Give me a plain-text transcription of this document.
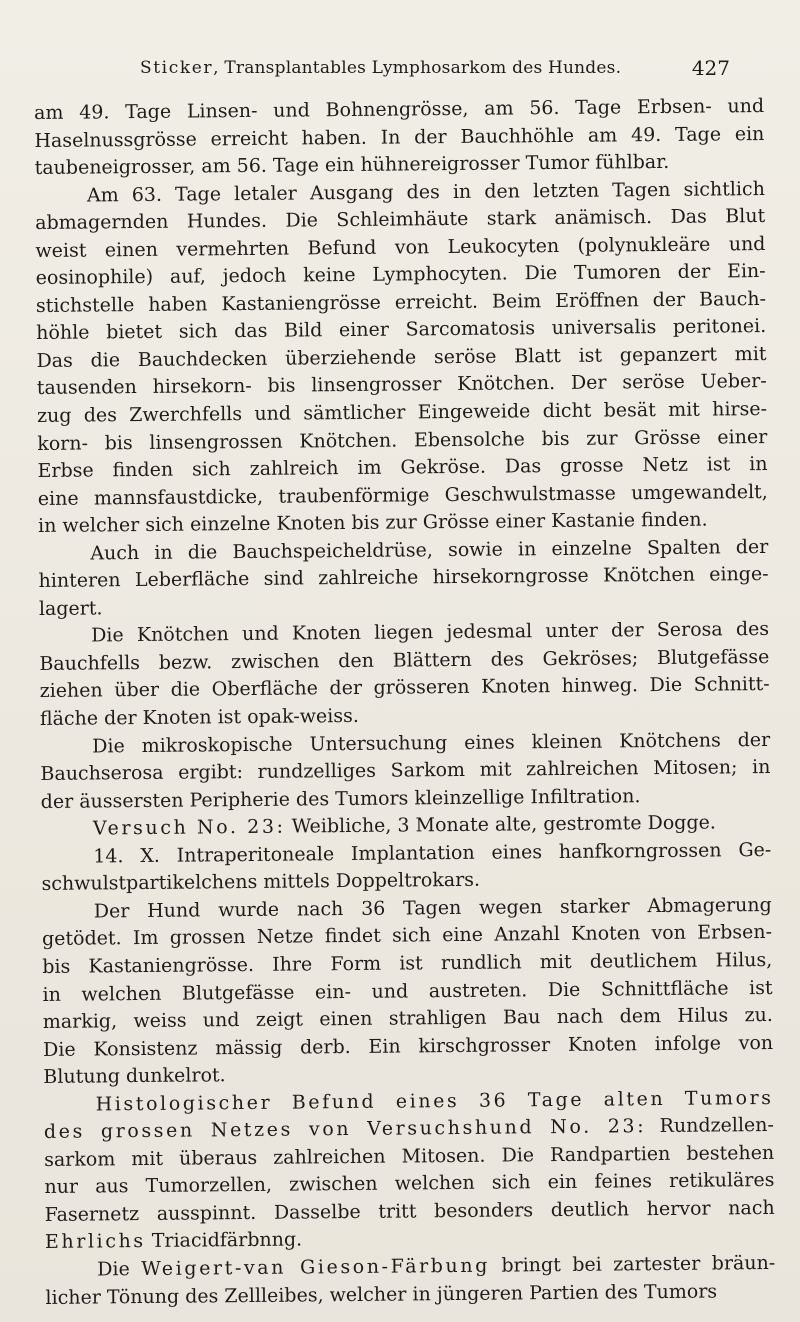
Sticker, Transplantables Lymphosarkom des Hundes.	427
am 49. Tage Linsen- und Bohnengrösse, am 56. Tage Erbsen- und
Haselnussgrösse erreicht haben. In der Bauchhöhle am 49. Tage ein
taubeneigrosser, am 56. Tage ein hühnereigrosser Tumor fühlbar.
Am 63. Tage letaler Ausgang des in den letzten Tagen sichtlich
abmagernden Hundes. Die Schleimhäute stark anämisch. Das Blut
weist einen vermehrten Befund von Leukocyten (polynukleäre und
eosinophile) auf, jedoch keine Lymphocyten. Die Tumoren der Ein-
stichstelle haben Kastaniengrösse erreicht. Beim Eröffnen der Bauch-
höhle bietet sich das Bild einer Sarcomatosis universalis peritonei.
Das die Bauchdecken überziehende seröse Blatt ist gepanzert mit
tausenden hirsekorn- bis linsengrosser Knötchen. Der seröse Ueber-
zug des Zwerchfells und sämtlicher Eingeweide dicht besät mit hirse-
korn- bis linsengrossen Knötchen. Ebensolche bis zur Grösse einer
Erbse finden sich zahlreich im Gekröse. Das grosse Netz ist in
eine mannsfaustdicke, traubenförmige Geschwulstmasse umgewandelt,
in welcher sich einzelne Knoten bis zur Grösse einer Kastanie finden.
Auch in die Bauchspeicheldrüse, sowie in einzelne Spalten der
hinteren Leberfläche sind zahlreiche hirsekorngrosse Knötchen einge-
lagert.
Die Knötchen und Knoten liegen jedesmal unter der Serosa des
Bauchfells bezw. zwischen den Blättern des Gekröses; Blutgefässe
ziehen über die Oberfläche der grösseren Knoten hinweg. Die Schnitt-
fläche der Knoten ist opak-weiss.
Die mikroskopische Untersuchung eines kleinen Knötchens der
Bauchserosa ergibt: rundzelliges Sarkom mit zahlreichen Mitosen; in
der äussersten Peripherie des Tumors kleinzellige Infiltration.
Versuch No. 23: Weibliche, 3 Monate alte, gestromte Dogge.
14. X. Intraperitoneale Implantation eines hanfkorngrossen Ge-
schwulstpartikelchens mittels Doppeltrokars.
Der Hund wurde nach 36 Tagen wegen starker Abmagerung
getödet. Im grossen Netze findet sich eine Anzahl Knoten von Erbsen-
bis Kastaniengrösse. Ihre Form ist rundlich mit deutlichem Hilus,
in welchen Blutgefässe ein- und austreten. Die Schnittfläche ist
markig, weiss und zeigt einen strahligen Bau nach dem Hilus zu.
Die Konsistenz mässig derb. Ein kirschgrosser Knoten infolge von
Blutung dunkelrot.
Histologischer Befund eines 36 Tage alten Tumors
des grossen Netzes von Versuchshund No. 23: Rundzellen-
sarkom mit überaus zahlreichen Mitosen. Die Randpartien bestehen
nur aus Tumorzellen, zwischen welchen sich ein feines retikuläres
Fasernetz ausspinnt. Dasselbe tritt besonders deutlich hervor nach
Ehrlichs Triacidfärbnng.
Die Weigert-van Gieson-Färbung bringt bei zartester bräun-
licher Tönung des Zellleibes, welcher in jüngeren Partien des Tumors
